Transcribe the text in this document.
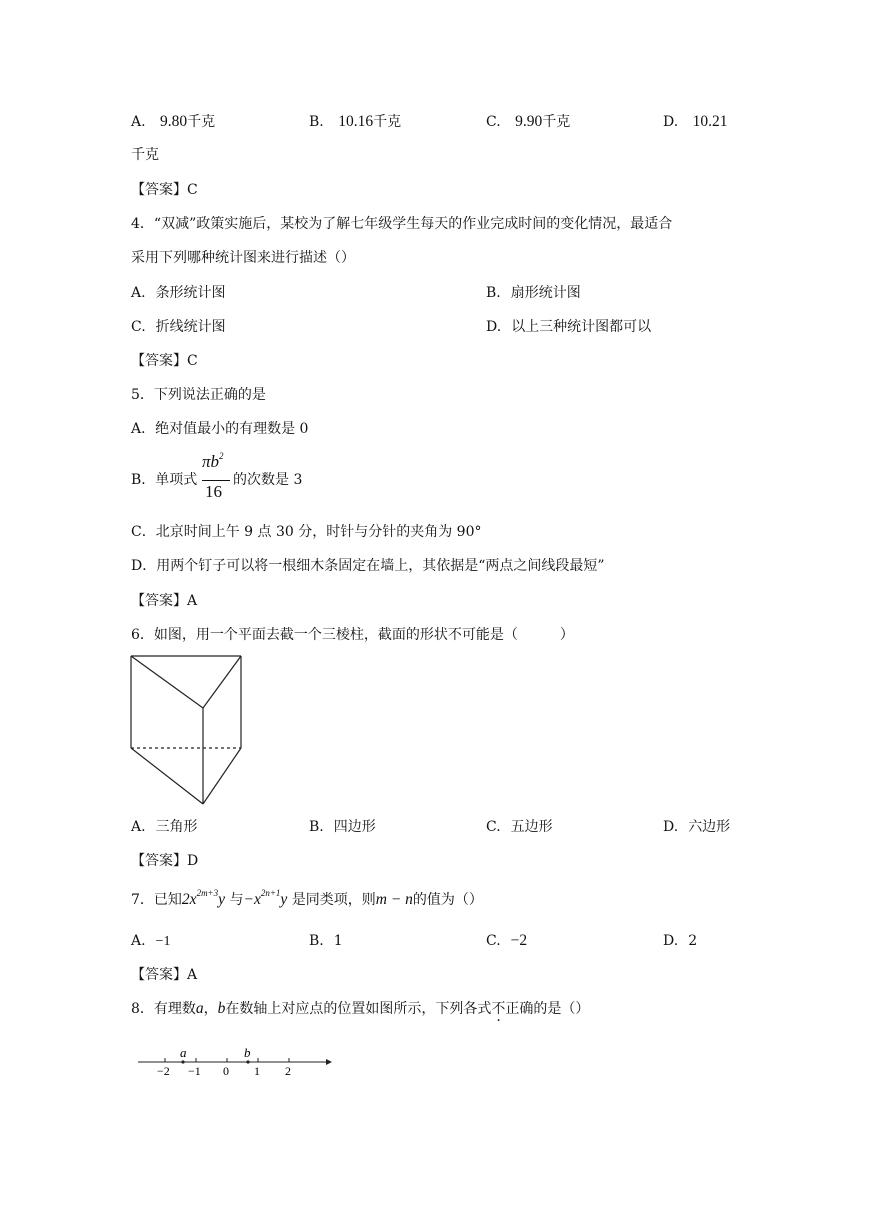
A. 9.80千克	B. 10.16千克	C. 9.90千克	D. 10.21
千克
【答案】C
4．“双减”政策实施后，某校为了解七年级学生每天的作业完成时间的变化情况，最适合
采用下列哪种统计图来进行描述（）
A. 条形统计图	B. 扇形统计图
C. 折线统计图	D. 以上三种统计图都可以
【答案】C
5．下列说法正确的是
A．绝对值最小的有理数是 0
B．单项式
$\pi b^2$
16
的次数是 3
C．北京时间上午 9 点 30 分，时针与分针的夹角为 90°
D．用两个钉子可以将一根细木条固定在墙上，其依据是“两点之间线段最短”
【答案】A
6．如图，用一个平面去截一个三棱柱，截面的形状不可能是（　　　）
A. 三角形	B. 四边形	C. 五边形	D. 六边形
【答案】D
7．已知$2x^{2m+3}y$ 与$-x^{2n+1}y$ 是同类项，则m − n的值为（）
A. −1	B. 1	C. −2	D. 2
【答案】A
8．有理数a，b在数轴上对应点的位置如图所示，下列各式不正确的是（）
a	b
−2 −1 0 1 2
